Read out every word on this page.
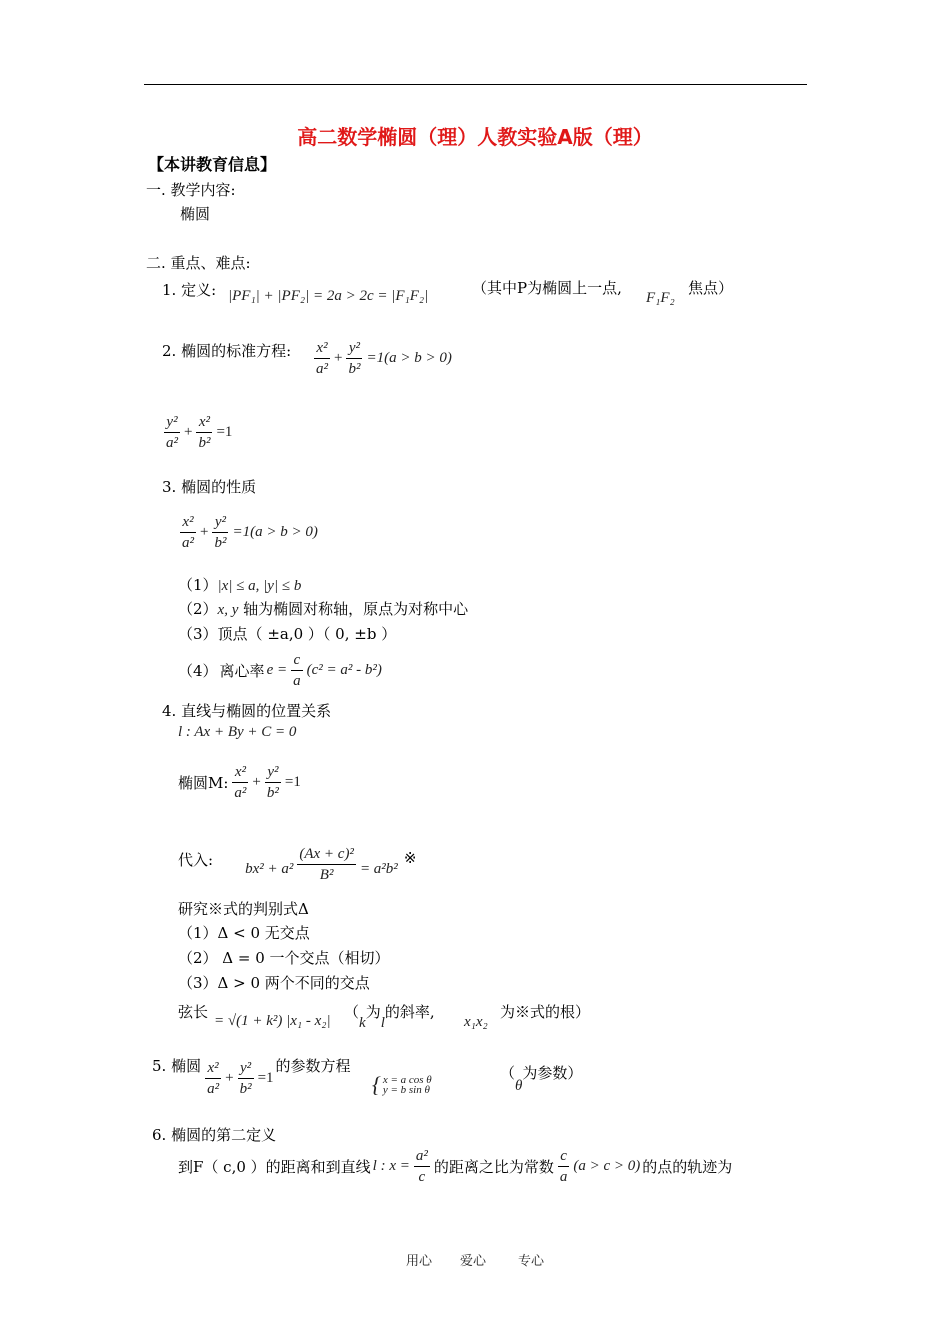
高二数学椭圆（理）人教实验A版（理）
【本讲教育信息】
一. 教学内容:
椭圆
二. 重点、难点:
1. 定义: |PF₁| + |PF₂| = 2a > 2c = |F₁F₂|	（其中P为椭圆上一点,
F₁F₂
焦点）
2. 椭圆的标准方程: $\frac{\text{x²}}{\text{a²}} + \frac{\text{y²}}{\text{b²}} =1(a > b > 0)$
$\frac{\text{y²}}{\text{a²}} + \frac{\text{x²}}{\text{b²}} =1$
3. 椭圆的性质
$\frac{\text{x²}}{\text{a²}} + \frac{\text{y²}}{\text{b²}} =1(a > b > 0)$
（1）|x| ≤ a, |y| ≤ b
（2）x, y 轴为椭圆对称轴，原点为对称中心
（3）顶点（ ±a,0 ）（ 0, ±b ）
（4） 离心率 $e = \frac{c}{a} (c^2 = a^2 - b^2)$
4. 直线与椭圆的位置关系
l : Ax + By + C = 0
椭圆M: $\frac{\text{x²}}{\text{a²}} + \frac{\text{y²}}{\text{b²}} =1$
代入: $bx^2 + a^2 \frac{\text{(Ax + c)²}}{\text{B²}} = a^2b^2$
※
研究※式的判别式Δ
（1）Δ < 0 无交点
（2） Δ = 0 一个交点（相切）
（3）Δ > 0 两个不同的交点
弦长 = √(1 + k²) |x₁ - x₂| （k为l的斜率,
x₁x₂
为※式的根）
5. 椭圆 $\frac{\text{x²}}{\text{a²}} + \frac{\text{y²}}{\text{b²}} =1$
的参数方程
{ x = a cos θ
y = b sin θ
（θ为参数）
6. 椭圆的第二定义
到F（ c,0 ）的距离和到直线 l : $x = \frac{\text{a²}}{c}$ 的距离之比为常数 $\frac{c}{a} (a > c > 0)$ 的点的轨迹为
用心 爱心 专心
